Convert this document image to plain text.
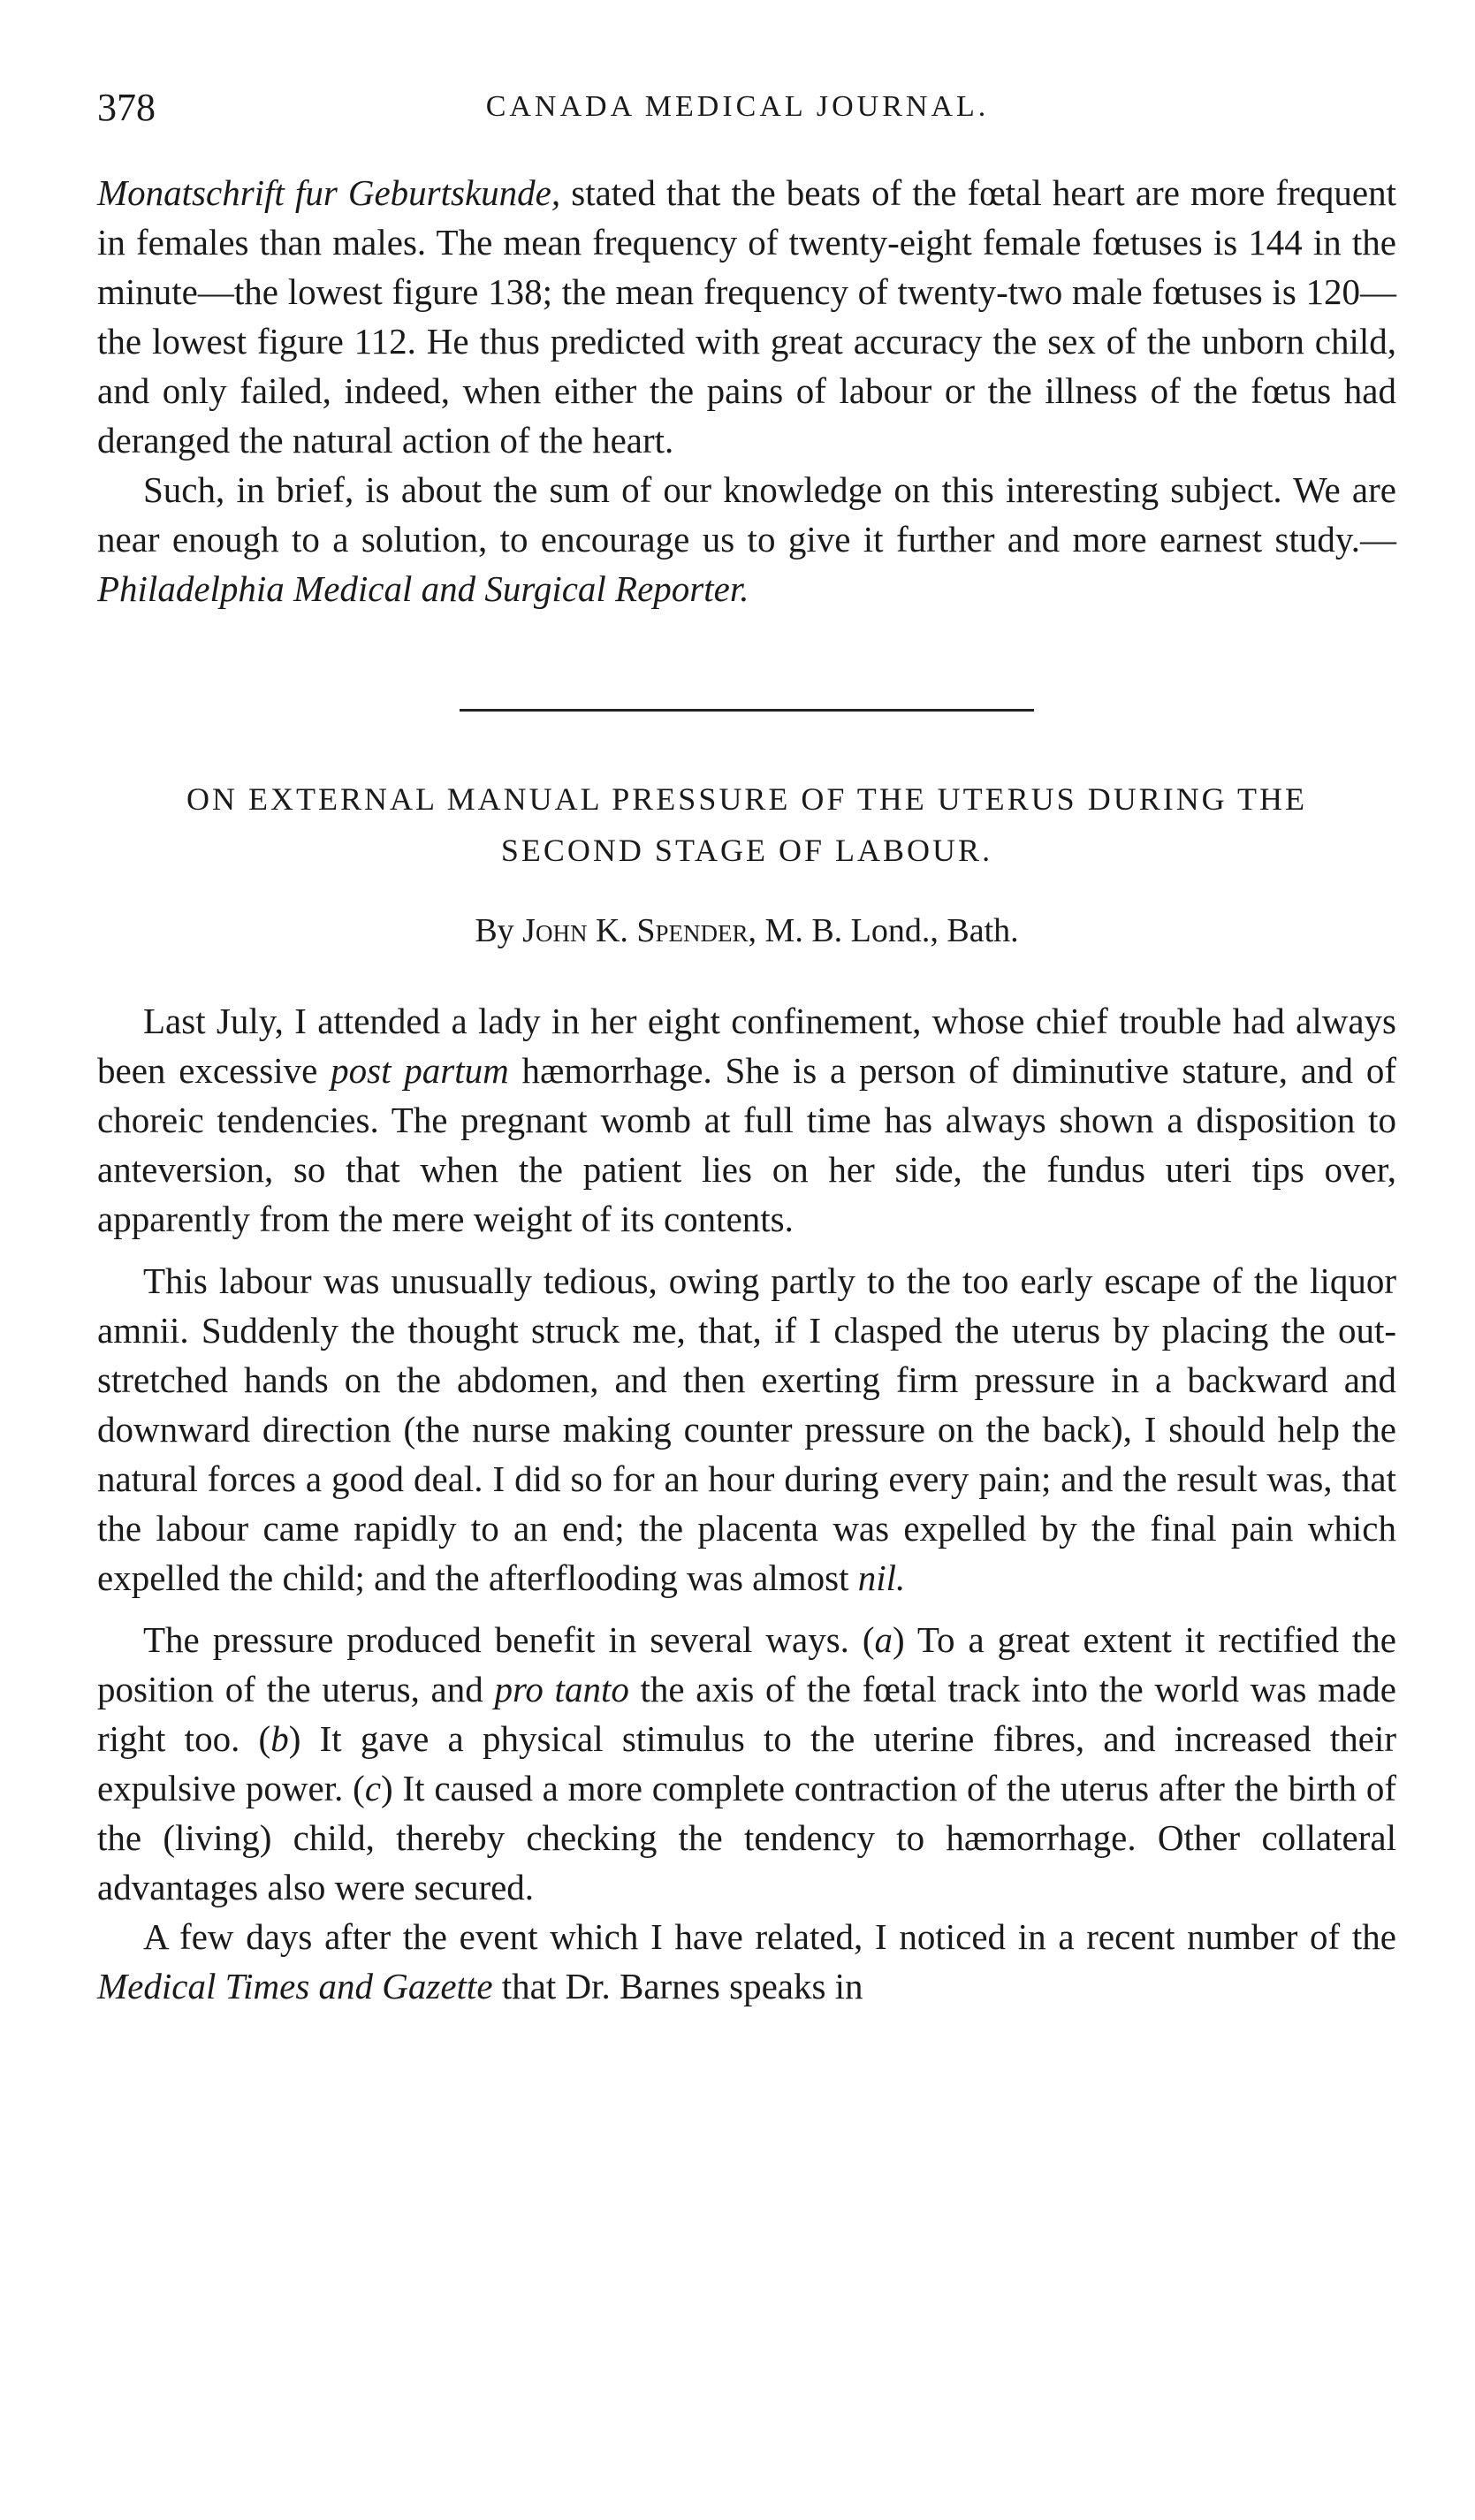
378	CANADA MEDICAL JOURNAL.

Monatschrift fur Geburtskunde, stated that the beats of the fœtal heart are more frequent in females than males. The mean frequency of twenty-eight female fœtuses is 144 in the minute—the lowest figure 138; the mean frequency of twenty-two male fœtuses is 120—the lowest figure 112. He thus predicted with great accuracy the sex of the unborn child, and only failed, indeed, when either the pains of labour or the illness of the fœtus had deranged the natural action of the heart.

Such, in brief, is about the sum of our knowledge on this interesting subject. We are near enough to a solution, to encourage us to give it further and more earnest study.—Philadelphia Medical and Surgical Reporter.

ON EXTERNAL MANUAL PRESSURE OF THE UTERUS DURING THE
SECOND STAGE OF LABOUR.
By John K. Spender, M. B. Lond., Bath.

Last July, I attended a lady in her eight confinement, whose chief trouble had always been excessive post partum hæmorrhage. She is a person of diminutive stature, and of choreic tendencies. The pregnant womb at full time has always shown a disposition to anteversion, so that when the patient lies on her side, the fundus uteri tips over, apparently from the mere weight of its contents.

This labour was unusually tedious, owing partly to the too early escape of the liquor amnii. Suddenly the thought struck me, that, if I clasped the uterus by placing the out-stretched hands on the abdomen, and then exerting firm pressure in a backward and downward direction (the nurse making counter pressure on the back), I should help the natural forces a good deal. I did so for an hour during every pain; and the result was, that the labour came rapidly to an end; the placenta was expelled by the final pain which expelled the child; and the afterflooding was almost nil.

The pressure produced benefit in several ways. (a) To a great extent it rectified the position of the uterus, and pro tanto the axis of the fœtal track into the world was made right too. (b) It gave a physical stimulus to the uterine fibres, and increased their expulsive power. (c) It caused a more complete contraction of the uterus after the birth of the (living) child, thereby checking the tendency to hæmorrhage. Other collateral advantages also were secured.

A few days after the event which I have related, I noticed in a recent number of the Medical Times and Gazette that Dr. Barnes speaks in
